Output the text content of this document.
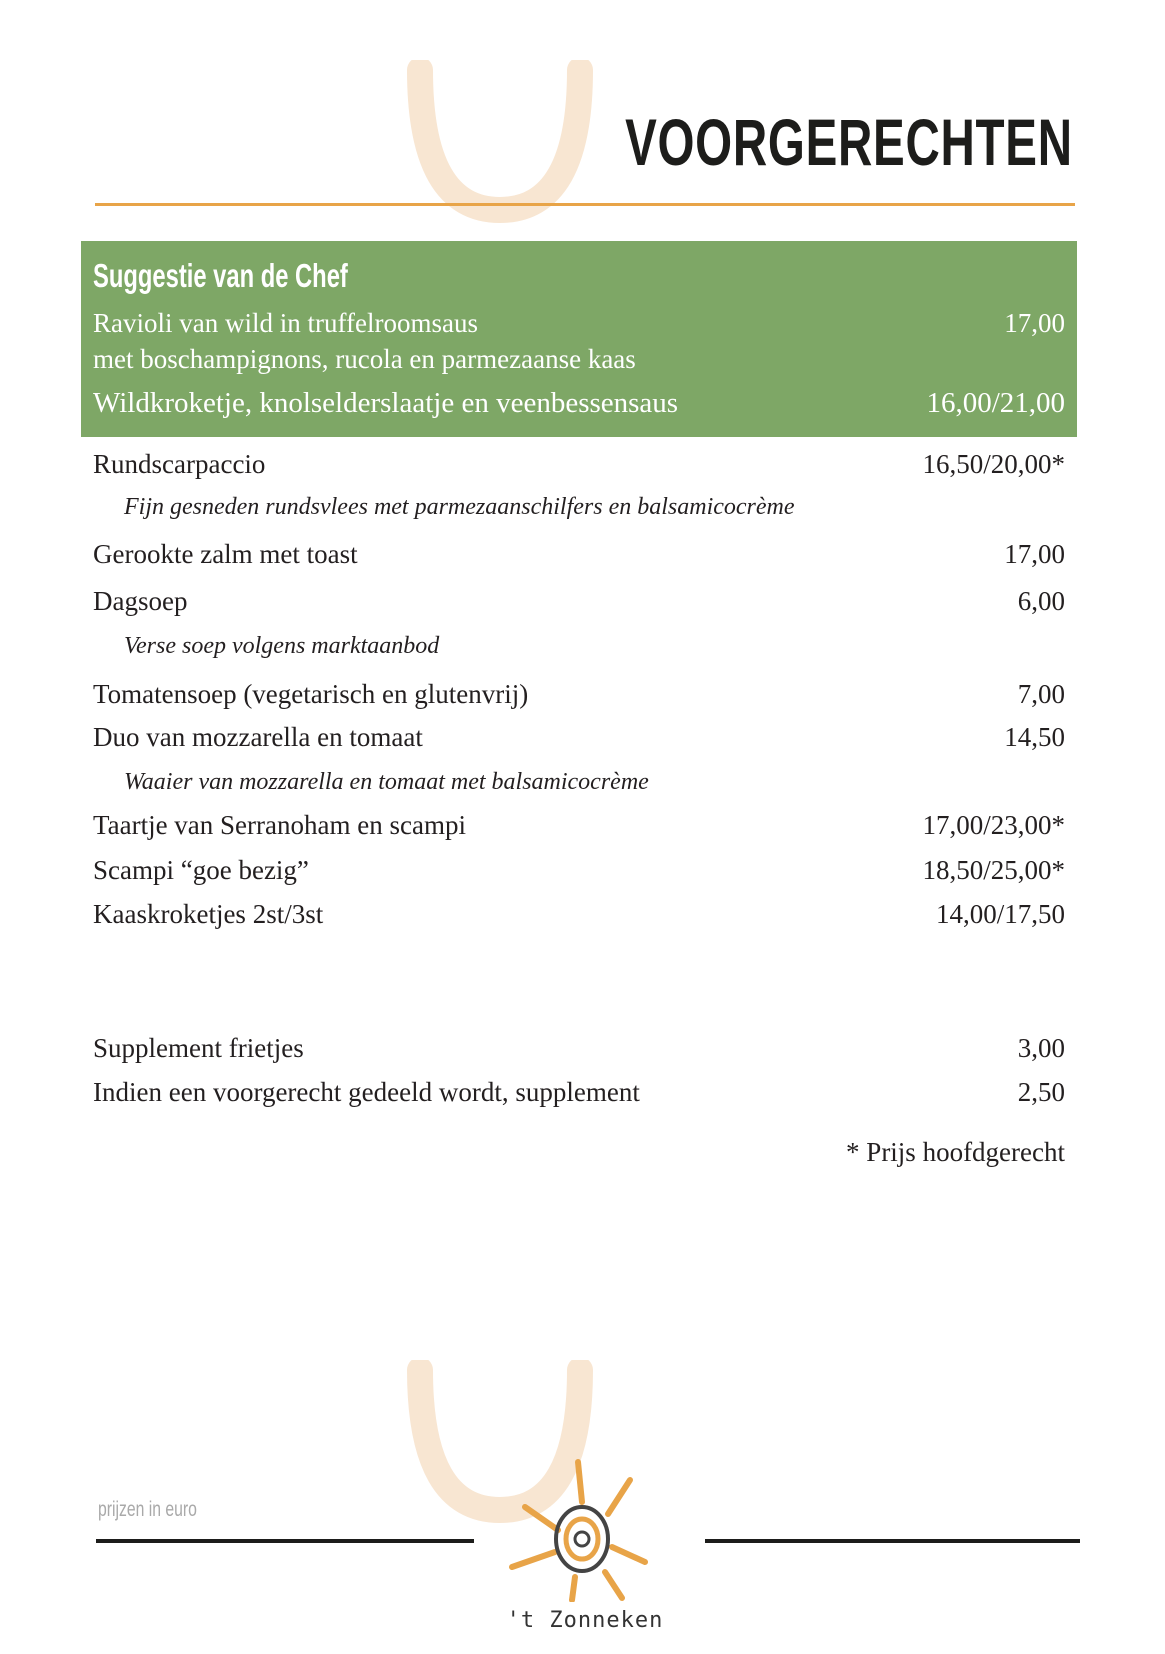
VOORGERECHTEN
Suggestie van de Chef
Ravioli van wild in truffelroomsaus	17,00
met boschampignons, rucola en parmezaanse kaas
Wildkroketje, knolselderslaatje en veenbessensaus	16,00/21,00
Rundscarpaccio	16,50/20,00*
Fijn gesneden rundsvlees met parmezaanschilfers en balsamicocrème
Gerookte zalm met toast	17,00
Dagsoep	6,00
Verse soep volgens marktaanbod
Tomatensoep (vegetarisch en glutenvrij)	7,00
Duo van mozzarella en tomaat	14,50
Waaier van mozzarella en tomaat met balsamicocrème
Taartje van Serranoham en scampi	17,00/23,00*
Scampi “goe bezig”	18,50/25,00*
Kaaskroketjes 2st/3st	14,00/17,50
Supplement frietjes	3,00
Indien een voorgerecht gedeeld wordt, supplement	2,50
* Prijs hoofdgerecht
prijzen in euro
't Zonneken
